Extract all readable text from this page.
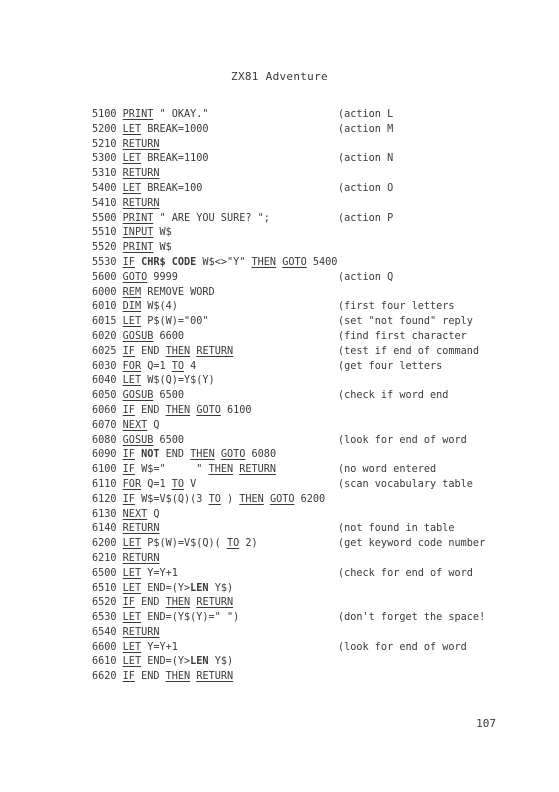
ZX81 Adventure
5100 PRINT " OKAY."	(action L
5200 LET BREAK=1000	(action M
5210 RETURN
5300 LET BREAK=1100	(action N
5310 RETURN
5400 LET BREAK=100	(action O
5410 RETURN
5500 PRINT " ARE YOU SURE? ";	(action P
5510 INPUT W$
5520 PRINT W$
5530 IF CHR$ CODE W$<>"Y" THEN GOTO 5400
5600 GOTO 9999	(action Q
6000 REM REMOVE WORD
6010 DIM W$(4)	(first four letters
6015 LET P$(W)="00"	(set "not found" reply
6020 GOSUB 6600	(find first character
6025 IF END THEN RETURN	(test if end of command
6030 FOR Q=1 TO 4	(get four letters
6040 LET W$(Q)=Y$(Y)
6050 GOSUB 6500	(check if word end
6060 IF END THEN GOTO 6100
6070 NEXT Q
6080 GOSUB 6500	(look for end of word
6090 IF NOT END THEN GOTO 6080
6100 IF W$="     " THEN RETURN	(no word entered
6110 FOR Q=1 TO V	(scan vocabulary table
6120 IF W$=V$(Q)(3 TO ) THEN GOTO 6200
6130 NEXT Q
6140 RETURN	(not found in table
6200 LET P$(W)=V$(Q)( TO 2)	(get keyword code number
6210 RETURN
6500 LET Y=Y+1	(check for end of word
6510 LET END=(Y>LEN Y$)
6520 IF END THEN RETURN
6530 LET END=(Y$(Y)=" ")	(don't forget the space!
6540 RETURN
6600 LET Y=Y+1	(look for end of word
6610 LET END=(Y>LEN Y$)
6620 IF END THEN RETURN
107
